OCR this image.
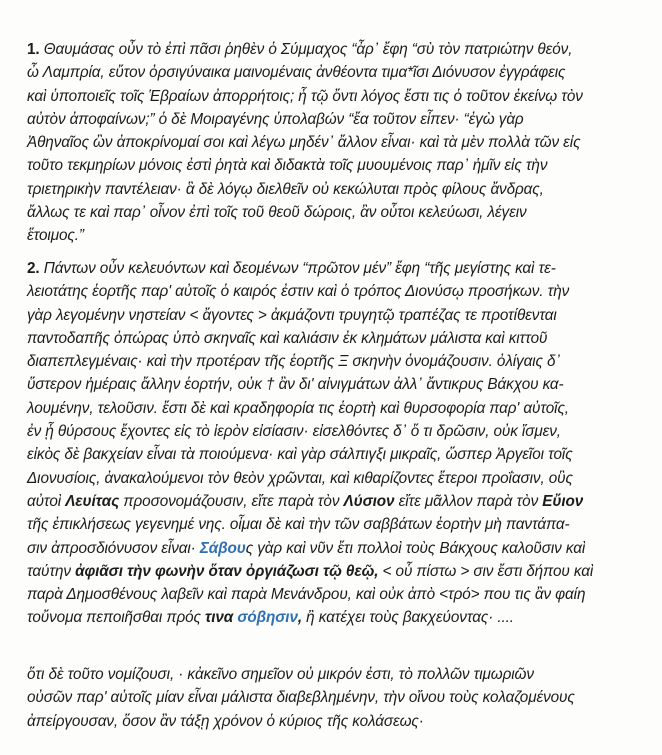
1. Θαυμάσας οὖν τὸ ἐπὶ πᾶσι ῥηθὲν ὁ Σύμμαχος “ἆρ᾽ ἔφη “σὺ τὸν πατριώτην θεόν,
ὦ Λαμπρία, εὔτον ὀρσιγύναικα μαινομέναις ἀνθέοντα τιμα*ῖσι Διόνυσον ἐγγράφεις
καὶ ὑποποιεῖς τοῖς Ἑβραίων ἀπορρήτοις; ἦ τῷ ὄντι λόγος ἔστι τις ὁ τοῦτον ἐκείνῳ τὸν
αὐτὸν ἀποφαίνων;” ὁ δὲ Μοιραγένης ὑπολαβών “ἔα τοῦτον εἶπεν· “ἐγὼ γὰρ
Ἀθηναῖος ὢν ἀποκρίνομαί σοι καὶ λέγω μηδέν᾽ ἄλλον εἶναι· καὶ τὰ μὲν πολλὰ τῶν εἰς
τοῦτο τεκμηρίων μόνοις ἐστὶ ῥητὰ καὶ διδακτὰ τοῖς μυουμένοις παρ᾽ ἡμῖν εἰς τὴν
τριετηρικὴν παντέλειαν· ἃ δὲ λόγῳ διελθεῖν οὐ κεκώλυται πρὸς φίλους ἄνδρας,
ἄλλως τε καὶ παρ᾽ οἶνον ἐπὶ τοῖς τοῦ θεοῦ δώροις, ἂν οὗτοι κελεύωσι, λέγειν
ἕτοιμος.”
2. Πάντων οὖν κελευόντων καὶ δεομένων “πρῶτον μέν” ἔφη “τῆς μεγίστης καὶ τε-
λειοτάτης ἑορτῆς παρ' αὐτοῖς ὁ καιρός ἐστιν καὶ ὁ τρόπος Διονύσῳ προσήκων. τὴν
γὰρ λεγομένην νηστείαν < ἄγοντες > ἀκμάζοντι τρυγητῷ τραπέζας τε προτίθενται
παντοδαπῆς ὀπώρας ὑπὸ σκηναῖς καὶ καλιάσιν ἐκ κλημάτων μάλιστα καὶ κιττοῦ
διαπεπλεγμέναις· καὶ τὴν προτέραν τῆς ἑορτῆς Ξ σκηνὴν ὀνομάζουσιν. ὀλίγαις δ᾽
ὕστερον ἡμέραις ἄλλην ἑορτήν, οὐκ † ἂν δι' αἰνιγμάτων ἀλλ᾽ ἄντικρυς Βάκχου κα-
λουμένην, τελοῦσιν. ἔστι δὲ καὶ κραδηφορία τις ἑορτὴ καὶ θυρσοφορία παρ' αὐτοῖς,
ἐν ᾗ θύρσους ἔχοντες εἰς τὸ ἱερὸν εἰσίασιν· εἰσελθόντες δ᾽ ὅ τι δρῶσιν, οὐκ ἴσμεν,
εἰκὸς δὲ βακχείαν εἶναι τὰ ποιούμενα· καὶ γὰρ σάλπιγξι μικραῖς, ὥσπερ Ἀργεῖοι τοῖς
Διονυσίοις, ἀνακαλούμενοι τὸν θεὸν χρῶνται, καὶ κιθαρίζοντες ἕτεροι προΐασιν, οὓς
αὐτοὶ Λευίτας προσονομάζουσιν, εἴτε παρὰ τὸν Λύσιον εἴτε μᾶλλον παρὰ τὸν Εὔιον
τῆς ἐπικλήσεως γεγενημέ νης. οἶμαι δὲ καὶ τὴν τῶν σαββάτων ἑορτὴν μὴ παντάπα-
σιν ἀπροσδιόνυσον εἶναι· Σάβους γὰρ καὶ νῦν ἔτι πολλοὶ τοὺς Βάκχους καλοῦσιν καὶ
ταύτην ἀφιᾶσι τὴν φωνὴν ὅταν ὀργιάζωσι τῷ θεῷ, < οὗ πίστω > σιν ἔστι δήπου καὶ
παρὰ Δημοσθένους λαβεῖν καὶ παρὰ Μενάνδρου, καὶ οὐκ ἀπὸ <τρό> που τις ἂν φαίη
τοὔνομα πεποιῆσθαι πρός τινα σόβησιν, ἢ κατέχει τοὺς βακχεύοντας· ....
ὅτι δὲ τοῦτο νομίζουσι, · κἀκεῖνο σημεῖον οὐ μικρόν ἐστι, τὸ πολλῶν τιμωριῶν
οὐσῶν παρ' αὐτοῖς μίαν εἶναι μάλιστα διαβεβλημένην, τὴν οἴνου τοὺς κολαζομένους
ἀπείργουσαν, ὅσον ἂν τάξῃ χρόνον ὁ κύριος τῆς κολάσεως·
